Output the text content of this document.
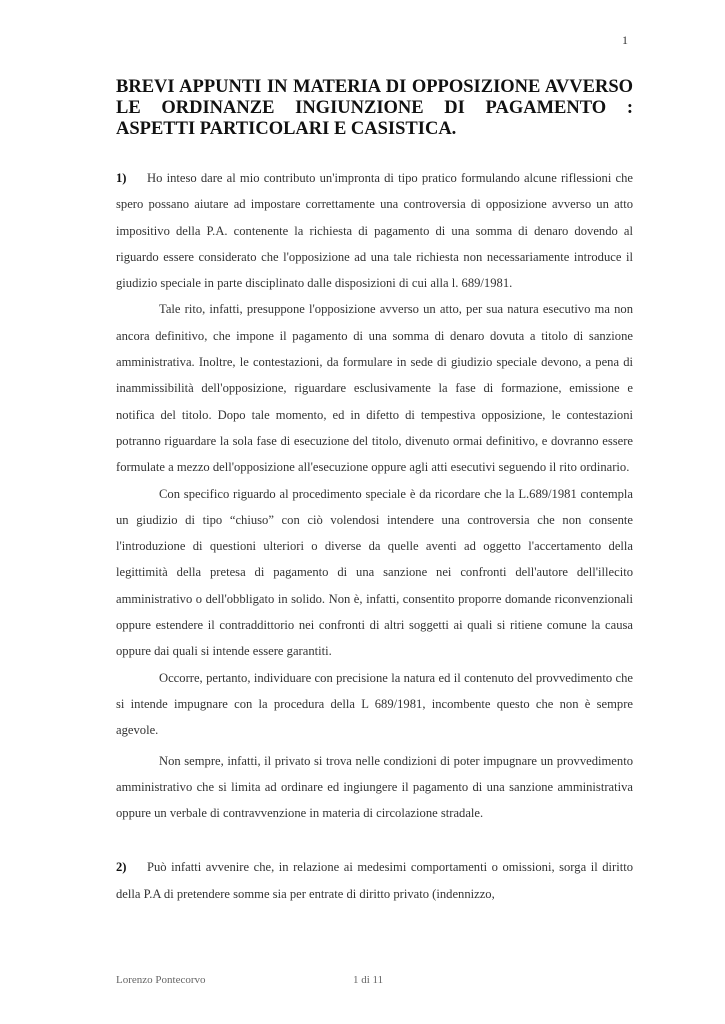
1
BREVI APPUNTI IN MATERIA DI OPPOSIZIONE AVVERSO LE ORDINANZE INGIUNZIONE DI PAGAMENTO : ASPETTI PARTICOLARI E CASISTICA.

1) Ho inteso dare al mio contributo un'impronta di tipo pratico formulando alcune riflessioni che spero possano aiutare ad impostare correttamente una controversia di opposizione avverso un atto impositivo della P.A. contenente la richiesta di pagamento di una somma di denaro dovendo al riguardo essere considerato che l'opposizione ad una tale richiesta non necessariamente introduce il giudizio speciale in parte disciplinato dalle disposizioni di cui alla l. 689/1981.

Tale rito, infatti, presuppone l'opposizione avverso un atto, per sua natura esecutivo ma non ancora definitivo, che impone il pagamento di una somma di denaro dovuta a titolo di sanzione amministrativa. Inoltre, le contestazioni, da formulare in sede di giudizio speciale devono, a pena di inammissibilità dell'opposizione, riguardare esclusivamente la fase di formazione, emissione e notifica del titolo. Dopo tale momento, ed in difetto di tempestiva opposizione, le contestazioni potranno riguardare la sola fase di esecuzione del titolo, divenuto ormai definitivo, e dovranno essere formulate a mezzo dell'opposizione all'esecuzione oppure agli atti esecutivi seguendo il rito ordinario.

Con specifico riguardo al procedimento speciale è da ricordare che la L.689/1981 contempla un giudizio di tipo “chiuso” con ciò volendosi intendere una controversia che non consente l'introduzione di questioni ulteriori o diverse da quelle aventi ad oggetto l'accertamento della legittimità della pretesa di pagamento di una sanzione nei confronti dell'autore dell'illecito amministrativo o dell'obbligato in solido. Non è, infatti, consentito proporre domande riconvenzionali oppure estendere il contraddittorio nei confronti di altri soggetti ai quali si ritiene comune la causa oppure dai quali si intende essere garantiti.

Occorre, pertanto, individuare con precisione la natura ed il contenuto del provvedimento che si intende impugnare con la procedura della L 689/1981, incombente questo che non è sempre agevole.

Non sempre, infatti, il privato si trova nelle condizioni di poter impugnare un provvedimento amministrativo che si limita ad ordinare ed ingiungere il pagamento di una sanzione amministrativa oppure un verbale di contravvenzione in materia di circolazione stradale.

2) Può infatti avvenire che, in relazione ai medesimi comportamenti o omissioni, sorga il diritto della P.A di pretendere somme sia per entrate di diritto privato (indennizzo,

Lorenzo Pontecorvo	1 di 11
